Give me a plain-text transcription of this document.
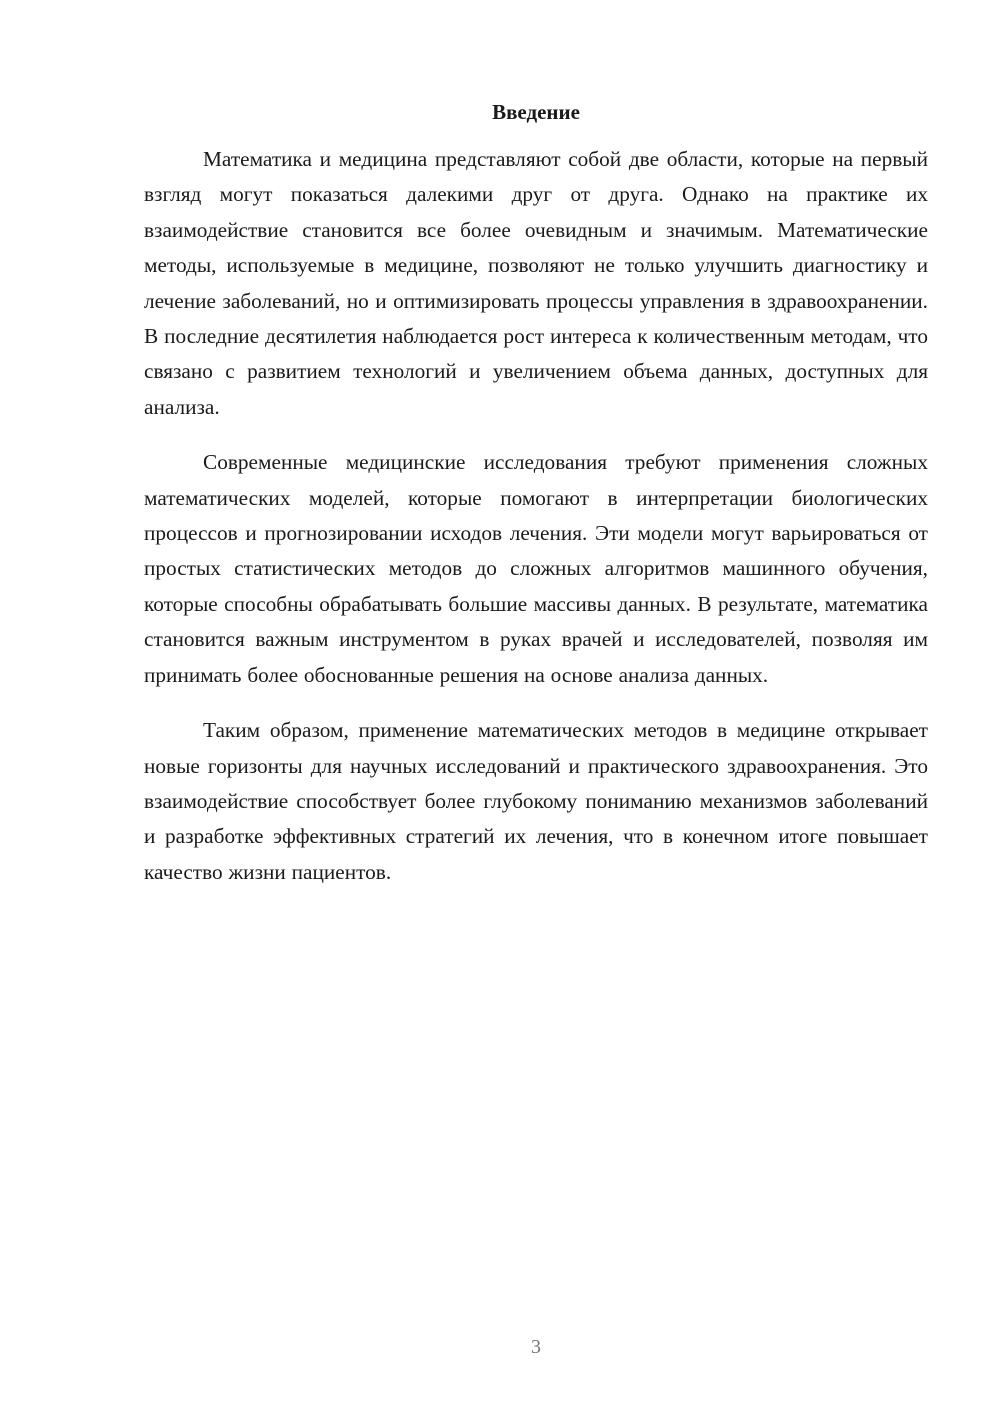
Введение

Математика и медицина представляют собой две области, которые на первый взгляд могут показаться далекими друг от друга. Однако на практике их взаимодействие становится все более очевидным и значимым. Математические методы, используемые в медицине, позволяют не только улучшить диагностику и лечение заболеваний, но и оптимизировать процессы управления в здравоохранении. В последние десятилетия наблюдается рост интереса к количественным методам, что связано с развитием технологий и увеличением объема данных, доступных для анализа.

Современные медицинские исследования требуют применения сложных математических моделей, которые помогают в интерпретации биологических процессов и прогнозировании исходов лечения. Эти модели могут варьироваться от простых статистических методов до сложных алгоритмов машинного обучения, которые способны обрабатывать большие массивы данных. В результате, математика становится важным инструментом в руках врачей и исследователей, позволяя им принимать более обоснованные решения на основе анализа данных.

Таким образом, применение математических методов в медицине открывает новые горизонты для научных исследований и практического здравоохранения. Это взаимодействие способствует более глубокому пониманию механизмов заболеваний и разработке эффективных стратегий их лечения, что в конечном итоге повышает качество жизни пациентов.

3
